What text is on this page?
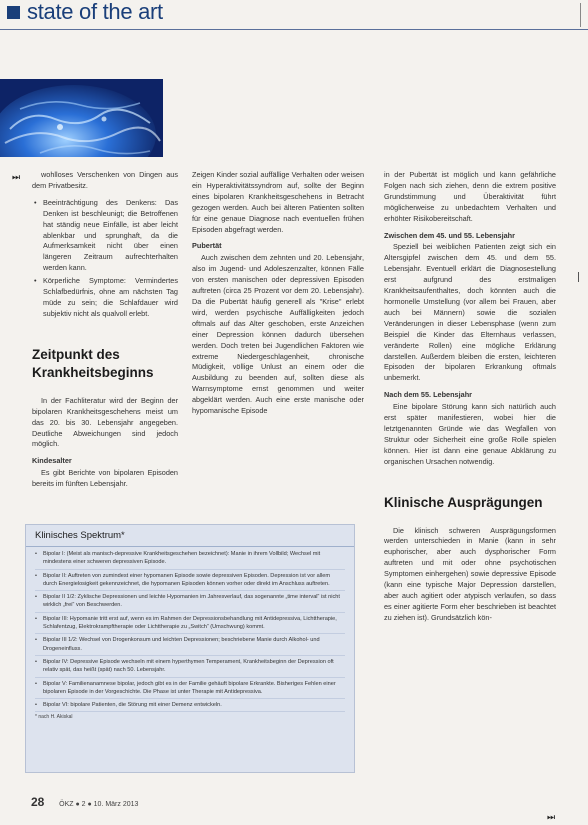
state of the art
⏭	wohlloses Verschenken von Dingen aus dem Privatbesitz.

• Beeinträchtigung des Denkens: Das Denken ist beschleunigt; die Betroffenen hat ständig neue Einfälle, ist aber leicht ablenkbar und sprunghaft, da die Aufmerksamkeit nicht über einen längeren Zeitraum aufrechterhalten werden kann.
• Körperliche Symptome: Vermindertes Schlafbedürfnis, ohne am nächsten Tag müde zu sein; die Schlafdauer wird subjektiv nicht als qualvoll erlebt.
Zeitpunkt des Krankheitsbeginns

In der Fachliteratur wird der Beginn der bipolaren Krankheitsgeschehens meist um das 20. bis 30. Lebensjahr angegeben. Deutliche Abweichungen sind jedoch möglich.

Kindesalter

Es gibt Berichte von bipolaren Episoden bereits im fünften Lebensjahr.

Zeigen Kinder sozial auffällige Verhalten oder weisen ein Hyperaktivitätssyndrom auf, sollte der Beginn eines bipolaren Krankheitsgeschehens in Betracht gezogen werden. Auch bei älteren Patienten sollten für eine genaue Diagnose nach eventuellen frühen Episoden abgefragt werden.

Pubertät

Auch zwischen dem zehnten und 20. Lebensjahr, also im Jugend- und Adoleszenzalter, können Fälle von ersten manischen oder depressiven Episoden auftreten (circa 25 Prozent vor dem 20. Lebensjahr). Da die Pubertät häufig generell als "Krise" erlebt wird, werden psychische Auffälligkeiten jedoch oftmals auf das Alter geschoben, erste Anzeichen einer Depression können dadurch übersehen werden. Doch treten bei Jugendlichen Faktoren wie extreme Niedergeschlagenheit, chronische Müdigkeit, völlige Unlust an einem oder die Ausbildung zu beenden auf, sollten diese als Warnsymptome ernst genommen und weiter abgeklärt werden. Auch eine erste manische oder hypomanische Episode

in der Pubertät ist möglich und kann gefährliche Folgen nach sich ziehen, denn die extrem positive Grundstimmung und Überaktivität führt möglicherweise zu unbedachtem Verhalten und erhöhter Risikobereitschaft.

Zwischen dem 45. und 55. Lebensjahr

Speziell bei weiblichen Patienten zeigt sich ein Altersgipfel zwischen dem 45. und dem 55. Lebensjahr. Eventuell erklärt die Diagnosestellung erst aufgrund des erstmaligen Krankheitsaufenthaltes, doch könnten auch die hormonelle Umstellung (vor allem bei Frauen, aber auch bei Männern) sowie die sozialen Veränderungen in dieser Lebensphase (wenn zum Beispiel die Kinder das Elternhaus verlassen, veränderte Rollen) eine mögliche Erklärung darstellen. Außerdem bleiben die ersten, leichteren Episoden der bipolaren Erkrankung oftmals unbemerkt.

Nach dem 55. Lebensjahr

Eine bipolare Störung kann sich natürlich auch erst später manifestieren, wobei hier die letztgenannten Gründe wie das Wegfallen von Struktur oder Sicherheit eine große Rolle spielen können. Hier ist dann eine genaue Abklärung zu organischen Ursachen notwendig.

Klinische Ausprägungen

Die klinisch schweren Ausprägungsformen werden unterschieden in Manie (kann in sehr euphorischer, aber auch dysphorischer Form auftreten und mit oder ohne psychotischen Symptomen einhergehen) sowie depressive Episode (kann eine typische Major Depression darstellen, aber auch agitiert oder atypisch verlaufen, so dass es einer agitierte Form eher beschrieben ist beachtet zu ziehen ist). Grundsätzlich kön-

Klinisches Spektrum*
• Bipolar I: (Meist als manisch-depressive Krankheitsgeschehen bezeichnet): Manie in ihrem Vollbild; Wechsel mit mindestens einer schweren depressiven Episode.
• Bipolar II: Auftreten von zumindest einer hypomanen Episode sowie depressiven Episoden. Depression ist vor allem durch Energielosigkeit gekennzeichnet, die hypomanen Episoden können vorher oder direkt im Anschluss auftreten.
• Bipolar II 1/2: Zyklische Depressionen und leichte Hypomanien im Jahresverlauf, das sogenannte „time interval“ ist nicht wirklich „frei“ von Beschwerden.
• Bipolar III: Hypomanie tritt erst auf, wenn es im Rahmen der Depressionsbehandlung mit Antidepressiva, Lichttherapie, Schlafentzug, Elektrokrampftherapie oder Lichttherapie zu „Switch“ (Umschwung) kommt.
• Bipolar III 1/2: Wechsel von Drogenkonsum und leichten Depressionen; beschriebene Manie durch Alkohol- und Drogeneinfluss.
• Bipolar IV: Depressive Episode wechseln mit einem hyperthymen Temperament, Krankheitsbeginn der Depression oft relativ spät, das heißt (spät) nach 50. Lebensjahr.
• Bipolar V: Familienanamnese bipolar, jedoch gibt es in der Familie gehäuft bipolare Erkrankte. Bisheriges Fehlen einer bipolaren Episode in der Vorgeschichte. Die Phase ist unter Therapie mit Antidepressiva.
• Bipolar VI: bipolare Patienten, die Störung mit einer Demenz entwickeln.
* nach H. Akiskal
⏭
28 ÖKZ ● 2 ● 10. März 2013
